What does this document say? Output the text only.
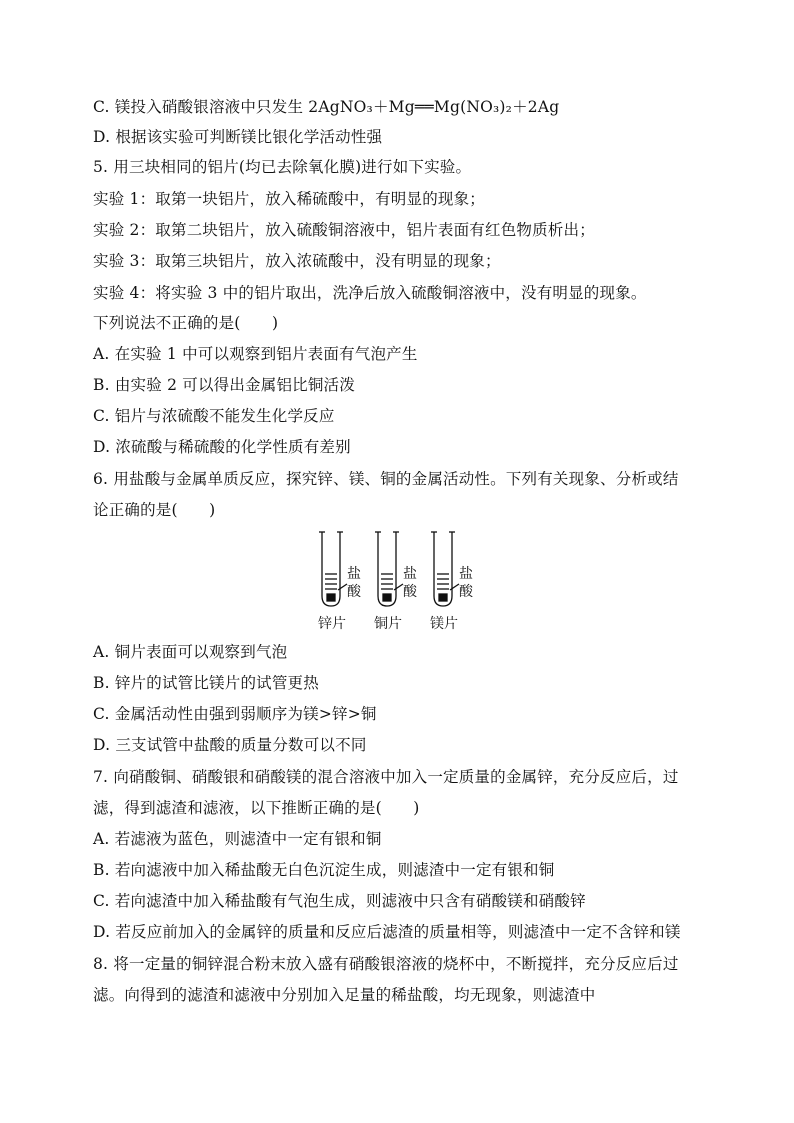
C. 镁投入硝酸银溶液中只发生 2AgNO₃＋Mg══Mg(NO₃)₂＋2Ag
D. 根据该实验可判断镁比银化学活动性强
5. 用三块相同的铝片(均已去除氧化膜)进行如下实验。
实验 1：取第一块铝片，放入稀硫酸中，有明显的现象；
实验 2：取第二块铝片，放入硫酸铜溶液中，铝片表面有红色物质析出；
实验 3：取第三块铝片，放入浓硫酸中，没有明显的现象；
实验 4：将实验 3 中的铝片取出，洗净后放入硫酸铜溶液中，没有明显的现象。
下列说法不正确的是(　　)
A. 在实验 1 中可以观察到铝片表面有气泡产生
B. 由实验 2 可以得出金属铝比铜活泼
C. 铝片与浓硫酸不能发生化学反应
D. 浓硫酸与稀硫酸的化学性质有差别
6. 用盐酸与金属单质反应，探究锌、镁、铜的金属活动性。下列有关现象、分析或结
论正确的是(　　)
盐
酸
盐
酸
盐
酸
锌片 铜片 镁片
A. 铜片表面可以观察到气泡
B. 锌片的试管比镁片的试管更热
C. 金属活动性由强到弱顺序为镁>锌>铜
D. 三支试管中盐酸的质量分数可以不同
7. 向硝酸铜、硝酸银和硝酸镁的混合溶液中加入一定质量的金属锌，充分反应后，过
滤，得到滤渣和滤液，以下推断正确的是(　　)
A. 若滤液为蓝色，则滤渣中一定有银和铜
B. 若向滤液中加入稀盐酸无白色沉淀生成，则滤渣中一定有银和铜
C. 若向滤渣中加入稀盐酸有气泡生成，则滤液中只含有硝酸镁和硝酸锌
D. 若反应前加入的金属锌的质量和反应后滤渣的质量相等，则滤渣中一定不含锌和镁
8. 将一定量的铜锌混合粉末放入盛有硝酸银溶液的烧杯中，不断搅拌，充分反应后过
滤。向得到的滤渣和滤液中分别加入足量的稀盐酸，均无现象，则滤渣中
